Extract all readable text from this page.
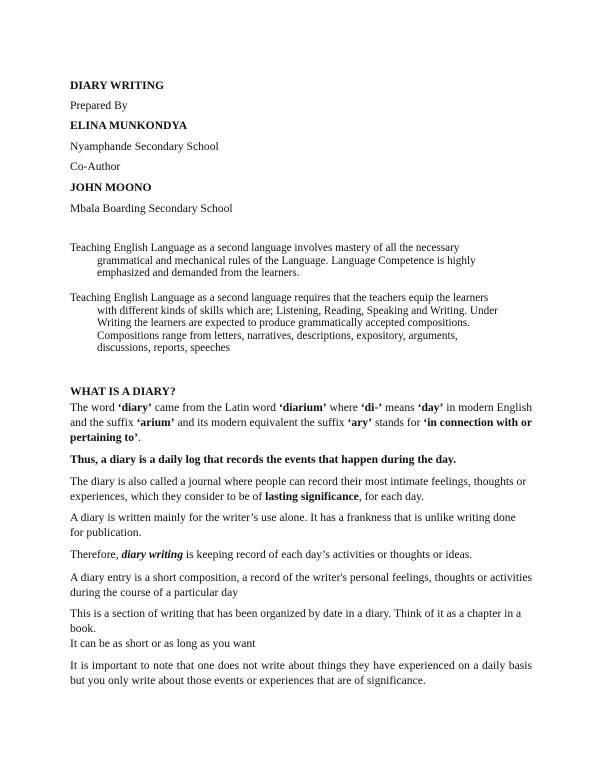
DIARY WRITING
Prepared By
ELINA MUNKONDYA
Nyamphande Secondary School
Co-Author
JOHN MOONO
Mbala Boarding Secondary School
Teaching English Language as a second language involves mastery of all the necessary
grammatical and mechanical rules of the Language. Language Competence is highly
emphasized and demanded from the learners.
Teaching English Language as a second language requires that the teachers equip the learners
with different kinds of skills which are; Listening, Reading, Speaking and Writing. Under
Writing the learners are expected to produce grammatically accepted compositions.
Compositions range from letters, narratives, descriptions, expository, arguments,
discussions, reports, speeches
WHAT IS A DIARY?
The word ‘diary’ came from the Latin word ‘diarium’ where ‘di-’ means ‘day’ in modern English and the suffix ‘arium’ and its modern equivalent the suffix ‘ary’ stands for ‘in connection with or pertaining to’.
Thus, a diary is a daily log that records the events that happen during the day.
The diary is also called a journal where people can record their most intimate feelings, thoughts or experiences, which they consider to be of lasting significance, for each day.
A diary is written mainly for the writer’s use alone. It has a frankness that is unlike writing done for publication.
Therefore, diary writing is keeping record of each day’s activities or thoughts or ideas.
A diary entry is a short composition, a record of the writer's personal feelings, thoughts or activities during the course of a particular day
This is a section of writing that has been organized by date in a diary. Think of it as a chapter in a book.
It can be as short or as long as you want
It is important to note that one does not write about things they have experienced on a daily basis but you only write about those events or experiences that are of significance.
